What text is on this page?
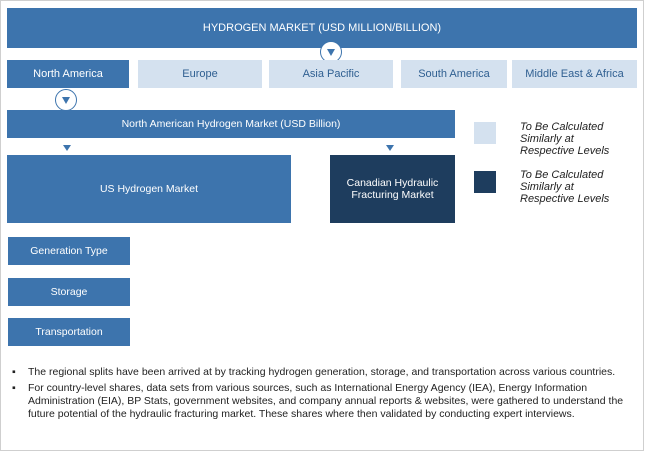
HYDROGEN MARKET (USD MILLION/BILLION)
North America	Europe	Asia Pacific	South America	Middle East & Africa
North American Hydrogen Market (USD Billion)
US Hydrogen Market	Canadian Hydraulic Fracturing Market
Generation Type
Storage
Transportation
To Be Calculated Similarly at Respective Levels
To Be Calculated Similarly at Respective Levels
▪ The regional splits have been arrived at by tracking hydrogen generation, storage, and transportation across various countries.
▪ For country-level shares, data sets from various sources, such as International Energy Agency (IEA), Energy Information Administration (EIA), BP Stats, government websites, and company annual reports & websites, were gathered to understand the future potential of the hydraulic fracturing market. These shares where then validated by conducting expert interviews.
